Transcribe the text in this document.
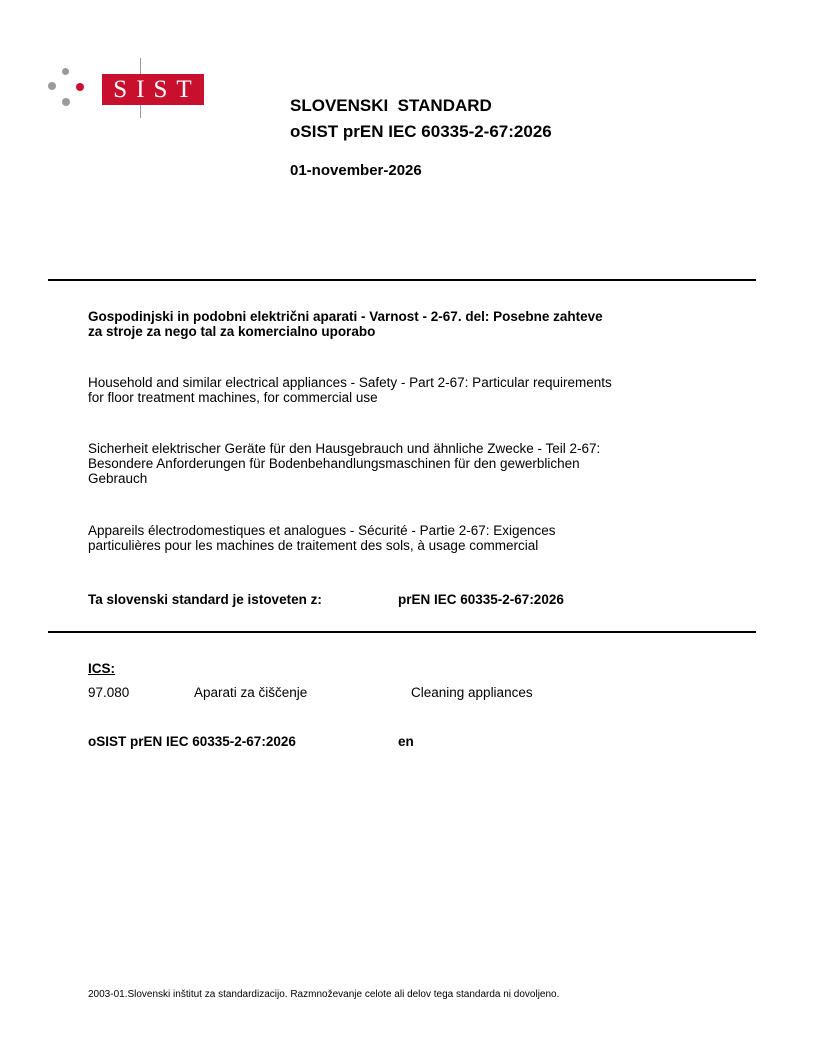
SIST
SLOVENSKI  STANDARD
oSIST prEN IEC 60335-2-67:2026
01-november-2026
Gospodinjski in podobni električni aparati - Varnost - 2-67. del: Posebne zahteve
za stroje za nego tal za komercialno uporabo
Household and similar electrical appliances - Safety - Part 2-67: Particular requirements
for floor treatment machines, for commercial use
Sicherheit elektrischer Geräte für den Hausgebrauch und ähnliche Zwecke - Teil 2-67:
Besondere Anforderungen für Bodenbehandlungsmaschinen für den gewerblichen
Gebrauch
Appareils électrodomestiques et analogues - Sécurité - Partie 2-67: Exigences
particulières pour les machines de traitement des sols, à usage commercial
Ta slovenski standard je istoveten z:	prEN IEC 60335-2-67:2026
ICS:
97.080	Aparati za čiščenje	Cleaning appliances
oSIST prEN IEC 60335-2-67:2026	en
2003-01.Slovenski inštitut za standardizacijo. Razmnoževanje celote ali delov tega standarda ni dovoljeno.
